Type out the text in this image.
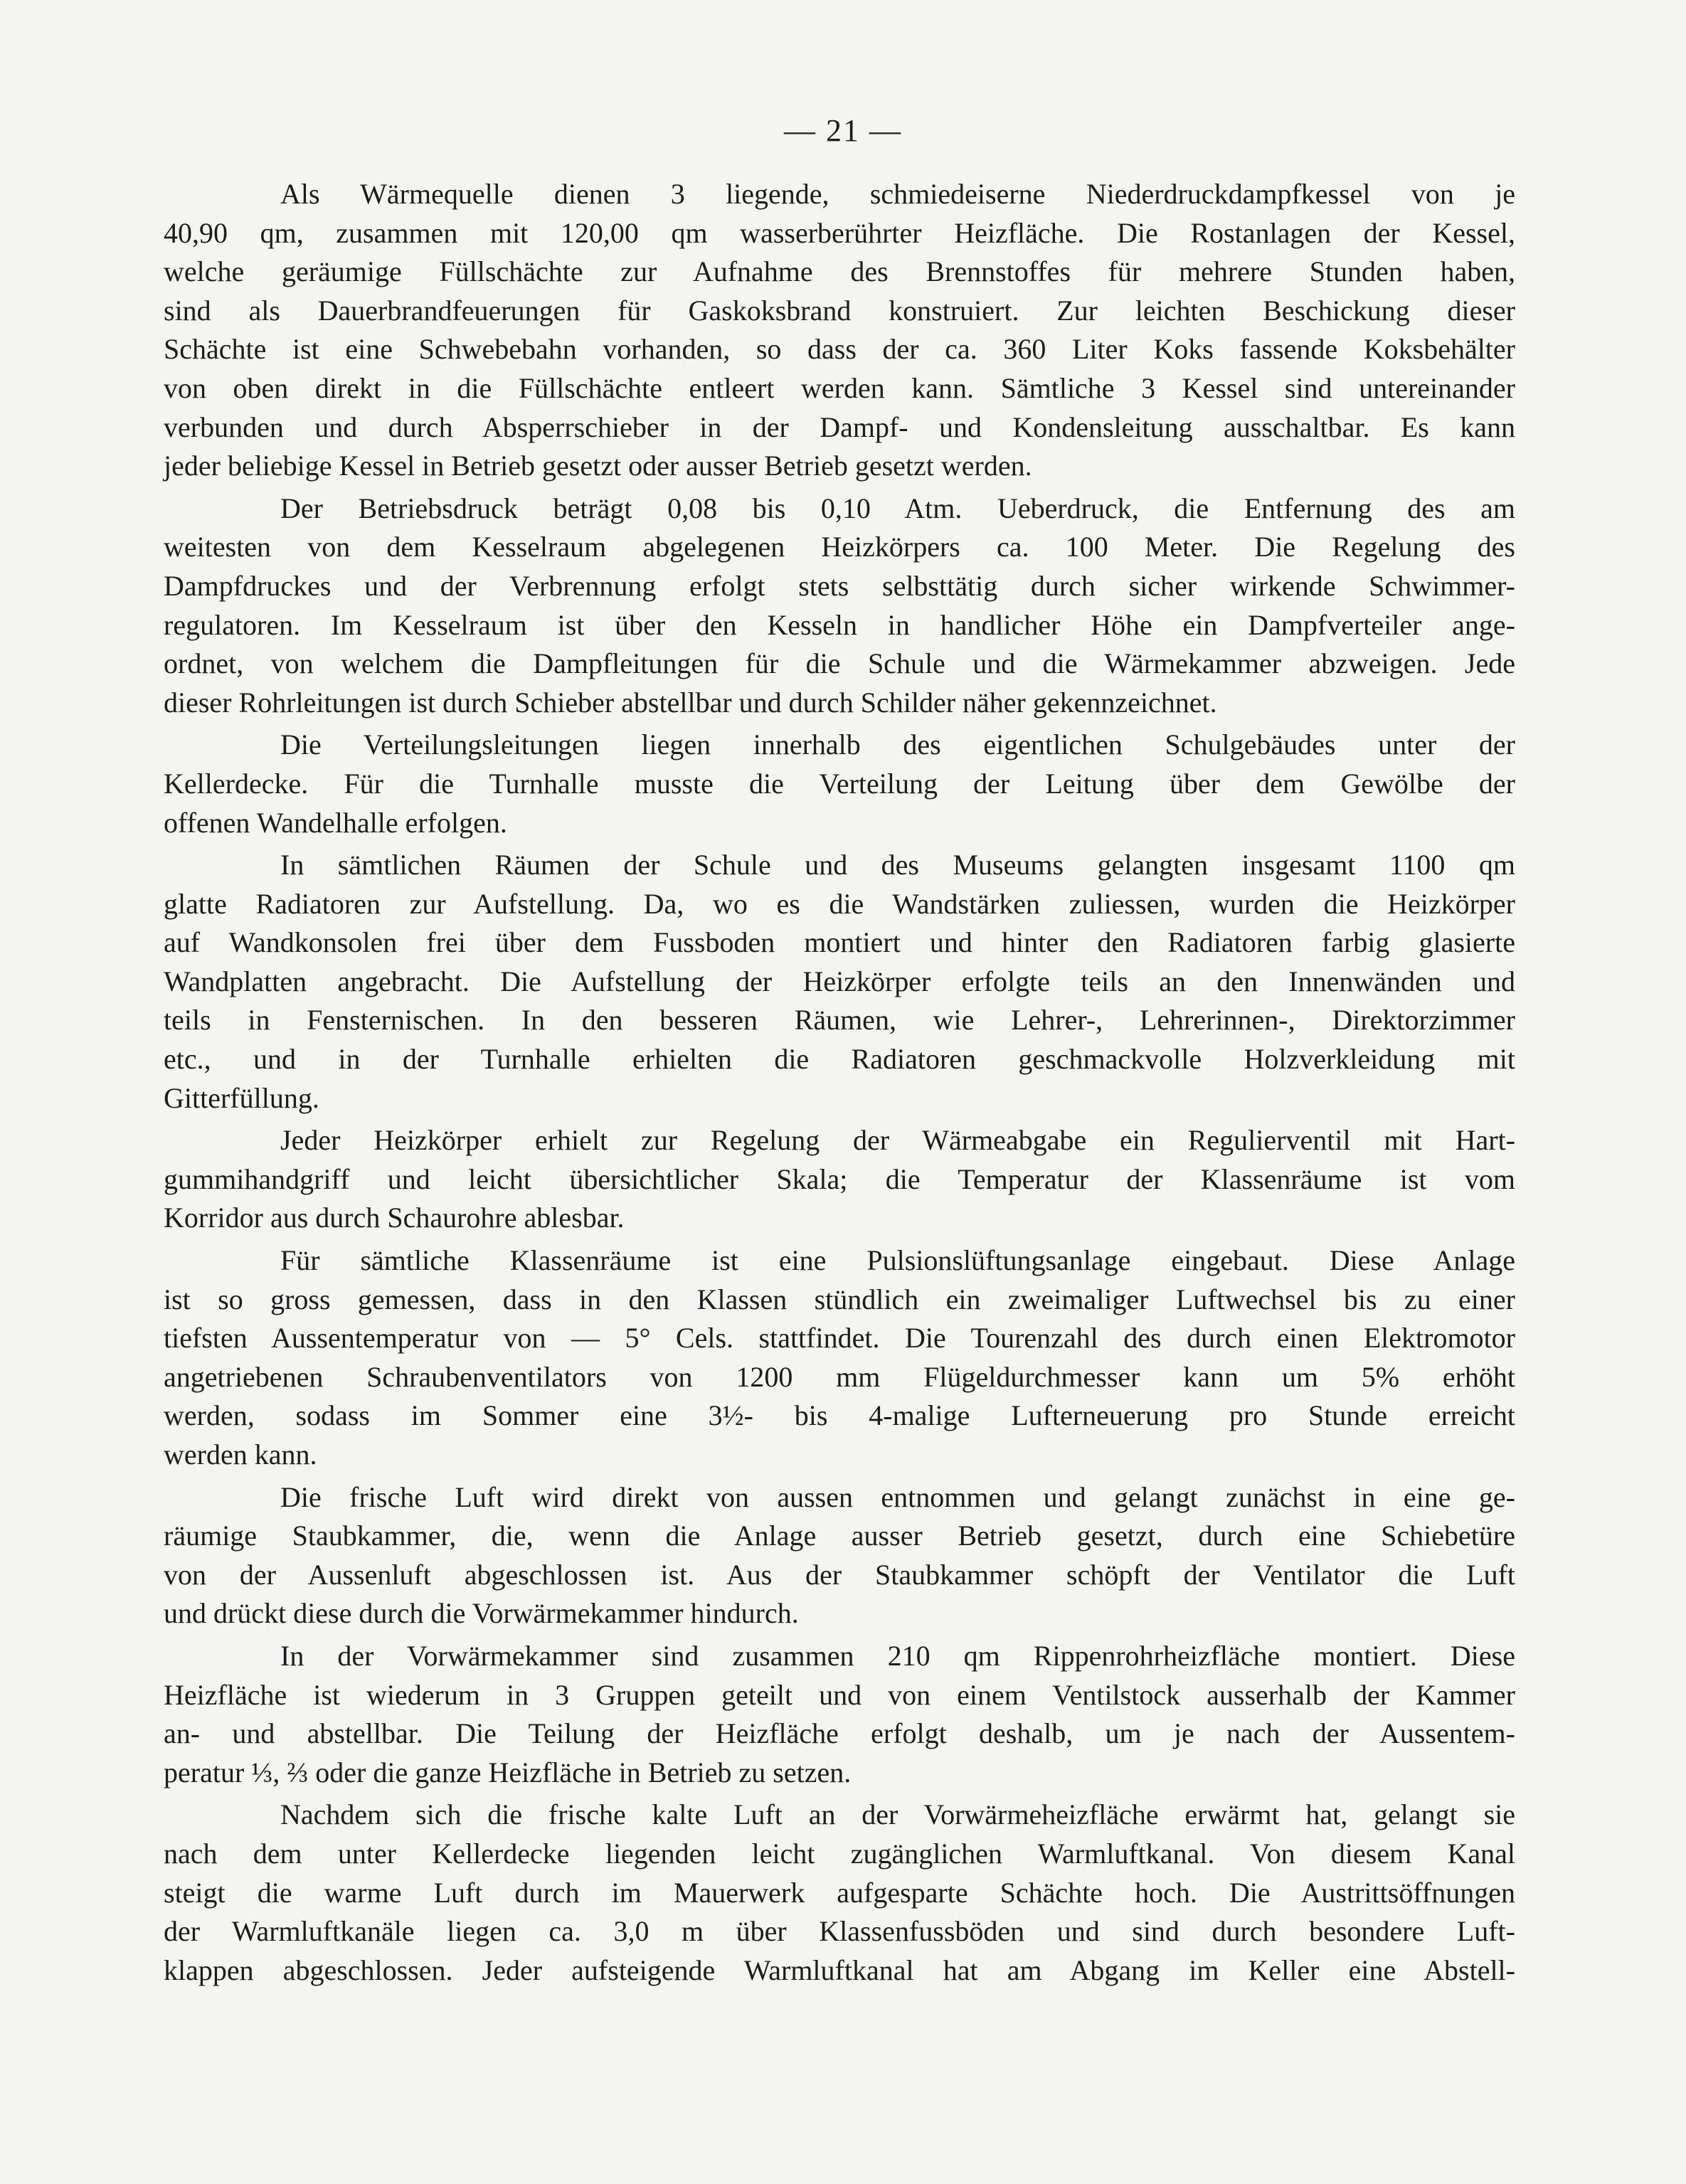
— 21 —
Als Wärmequelle dienen 3 liegende, schmiedeiserne Niederdruckdampfkessel von je
40,90 qm, zusammen mit 120,00 qm wasserberührter Heizfläche. Die Rostanlagen der Kessel,
welche geräumige Füllschächte zur Aufnahme des Brennstoffes für mehrere Stunden haben,
sind als Dauerbrandfeuerungen für Gaskoksbrand konstruiert. Zur leichten Beschickung dieser
Schächte ist eine Schwebebahn vorhanden, so dass der ca. 360 Liter Koks fassende Koksbehälter
von oben direkt in die Füllschächte entleert werden kann. Sämtliche 3 Kessel sind untereinander
verbunden und durch Absperrschieber in der Dampf- und Kondensleitung ausschaltbar. Es kann
jeder beliebige Kessel in Betrieb gesetzt oder ausser Betrieb gesetzt werden.
Der Betriebsdruck beträgt 0,08 bis 0,10 Atm. Ueberdruck, die Entfernung des am
weitesten von dem Kesselraum abgelegenen Heizkörpers ca. 100 Meter. Die Regelung des
Dampfdruckes und der Verbrennung erfolgt stets selbsttätig durch sicher wirkende Schwimmer-
regulatoren. Im Kesselraum ist über den Kesseln in handlicher Höhe ein Dampfverteiler ange-
ordnet, von welchem die Dampfleitungen für die Schule und die Wärmekammer abzweigen. Jede
dieser Rohrleitungen ist durch Schieber abstellbar und durch Schilder näher gekennzeichnet.
Die Verteilungsleitungen liegen innerhalb des eigentlichen Schulgebäudes unter der
Kellerdecke. Für die Turnhalle musste die Verteilung der Leitung über dem Gewölbe der
offenen Wandelhalle erfolgen.
In sämtlichen Räumen der Schule und des Museums gelangten insgesamt 1100 qm
glatte Radiatoren zur Aufstellung. Da, wo es die Wandstärken zuliessen, wurden die Heizkörper
auf Wandkonsolen frei über dem Fussboden montiert und hinter den Radiatoren farbig glasierte
Wandplatten angebracht. Die Aufstellung der Heizkörper erfolgte teils an den Innenwänden und
teils in Fensternischen. In den besseren Räumen, wie Lehrer-, Lehrerinnen-, Direktorzimmer
etc., und in der Turnhalle erhielten die Radiatoren geschmackvolle Holzverkleidung mit
Gitterfüllung.
Jeder Heizkörper erhielt zur Regelung der Wärmeabgabe ein Regulierventil mit Hart-
gummihandgriff und leicht übersichtlicher Skala; die Temperatur der Klassenräume ist vom
Korridor aus durch Schaurohre ablesbar.
Für sämtliche Klassenräume ist eine Pulsionslüftungsanlage eingebaut. Diese Anlage
ist so gross gemessen, dass in den Klassen stündlich ein zweimaliger Luftwechsel bis zu einer
tiefsten Aussentemperatur von — 5° Cels. stattfindet. Die Tourenzahl des durch einen Elektromotor
angetriebenen Schraubenventilators von 1200 mm Flügeldurchmesser kann um 5% erhöht
werden, sodass im Sommer eine 3½- bis 4-malige Lufterneuerung pro Stunde erreicht
werden kann.
Die frische Luft wird direkt von aussen entnommen und gelangt zunächst in eine ge-
räumige Staubkammer, die, wenn die Anlage ausser Betrieb gesetzt, durch eine Schiebetüre
von der Aussenluft abgeschlossen ist. Aus der Staubkammer schöpft der Ventilator die Luft
und drückt diese durch die Vorwärmekammer hindurch.
In der Vorwärmekammer sind zusammen 210 qm Rippenrohrheizfläche montiert. Diese
Heizfläche ist wiederum in 3 Gruppen geteilt und von einem Ventilstock ausserhalb der Kammer
an- und abstellbar. Die Teilung der Heizfläche erfolgt deshalb, um je nach der Aussentem-
peratur ⅓, ⅔ oder die ganze Heizfläche in Betrieb zu setzen.
Nachdem sich die frische kalte Luft an der Vorwärmeheizfläche erwärmt hat, gelangt sie
nach dem unter Kellerdecke liegenden leicht zugänglichen Warmluftkanal. Von diesem Kanal
steigt die warme Luft durch im Mauerwerk aufgesparte Schächte hoch. Die Austrittsöffnungen
der Warmluftkanäle liegen ca. 3,0 m über Klassenfussböden und sind durch besondere Luft-
klappen abgeschlossen. Jeder aufsteigende Warmluftkanal hat am Abgang im Keller eine Abstell-
